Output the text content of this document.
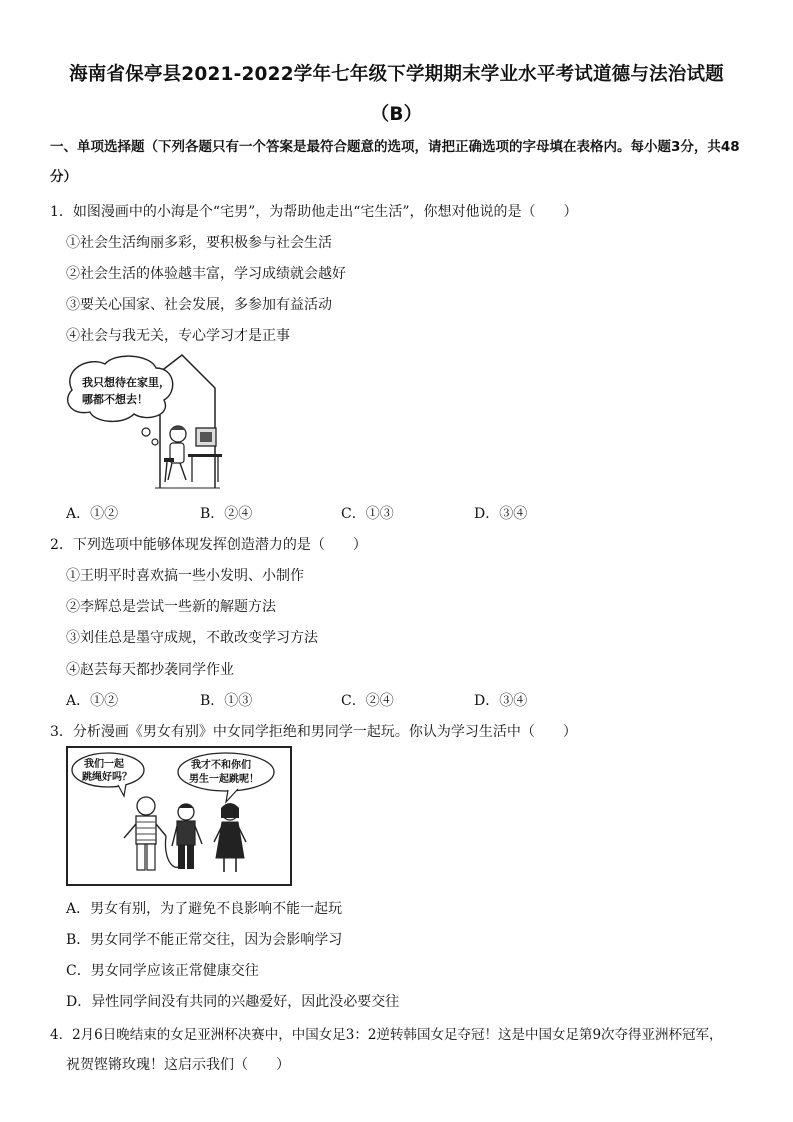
海南省保亭县2021-2022学年七年级下学期期末学业水平考试道德与法治试题
（B）
一、单项选择题（下列各题只有一个答案是最符合题意的选项，请把正确选项的字母填在表格内。每小题3分，共48分）
1．如图漫画中的小海是个“宅男”，为帮助他走出“宅生活”，你想对他说的是（　　）
①社会生活绚丽多彩，要积极参与社会生活
②社会生活的体验越丰富，学习成绩就会越好
③要关心国家、社会发展，多参加有益活动
④社会与我无关，专心学习才是正事
我只想待在家里，
哪都不想去！
A．①②	B．②④	C．①③	D．③④
2．下列选项中能够体现发挥创造潜力的是（　　）
①王明平时喜欢搞一些小发明、小制作
②李辉总是尝试一些新的解题方法
③刘佳总是墨守成规，不敢改变学习方法
④赵芸每天都抄袭同学作业
A．①②	B．①③	C．②④	D．③④
3．分析漫画《男女有别》中女同学拒绝和男同学一起玩。你认为学习生活中（　　）
我们一起
跳绳好吗？
我才不和你们
男生一起跳呢！
A．男女有别，为了避免不良影响不能一起玩
B．男女同学不能正常交往，因为会影响学习
C．男女同学应该正常健康交往
D．异性同学间没有共同的兴趣爱好，因此没必要交往
4．2月6日晚结束的女足亚洲杯决赛中，中国女足3：2逆转韩国女足夺冠！这是中国女足第9次夺得亚洲杯冠军，
祝贺铿锵玫瑰！这启示我们（　　）
